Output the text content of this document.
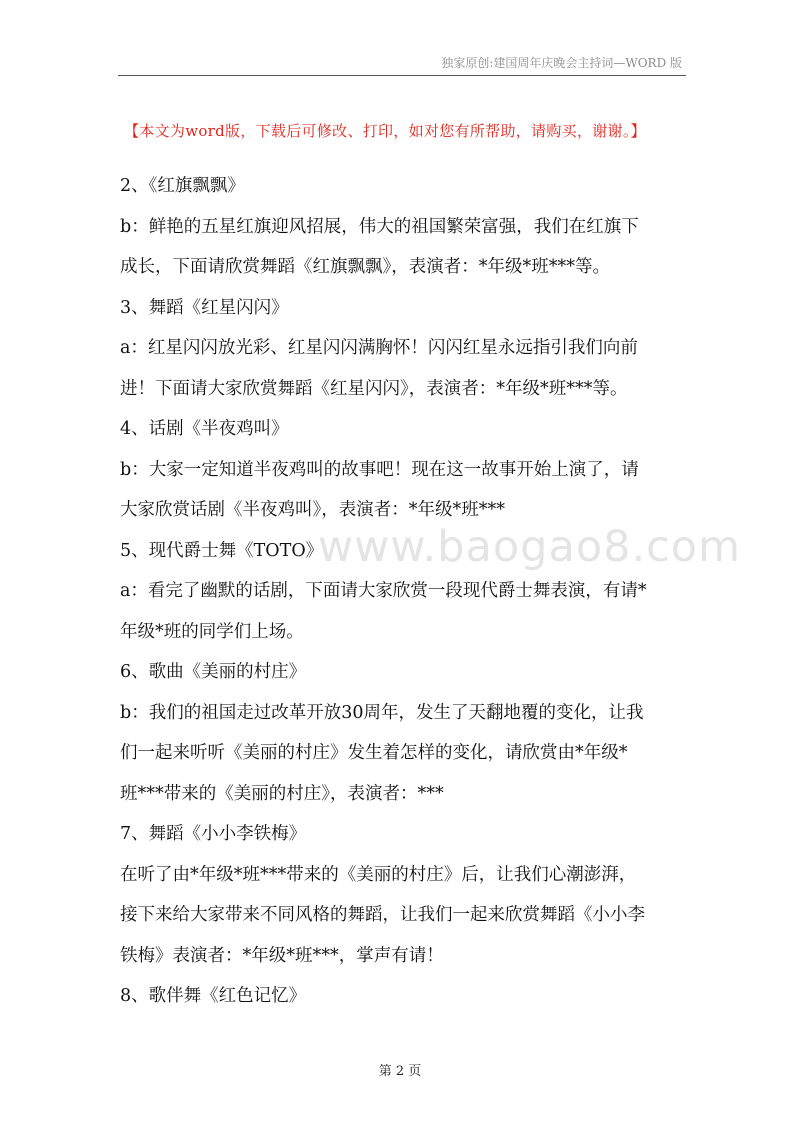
独家原创:建国周年庆晚会主持词—WORD 版
【本文为word版，下载后可修改、打印，如对您有所帮助，请购买，谢谢。】
2、《红旗飘飘》
b：鲜艳的五星红旗迎风招展，伟大的祖国繁荣富强，我们在红旗下
成长，下面请欣赏舞蹈《红旗飘飘》，表演者：*年级*班***等。
3、舞蹈《红星闪闪》
a：红星闪闪放光彩、红星闪闪满胸怀！闪闪红星永远指引我们向前
进！下面请大家欣赏舞蹈《红星闪闪》，表演者：*年级*班***等。
4、话剧《半夜鸡叫》
b：大家一定知道半夜鸡叫的故事吧！现在这一故事开始上演了，请
大家欣赏话剧《半夜鸡叫》，表演者：*年级*班***
5、现代爵士舞《TOTO》
a：看完了幽默的话剧，下面请大家欣赏一段现代爵士舞表演，有请*
年级*班的同学们上场。
6、歌曲《美丽的村庄》
b：我们的祖国走过改革开放30周年，发生了天翻地覆的变化，让我
们一起来听听《美丽的村庄》发生着怎样的变化，请欣赏由*年级*
班***带来的《美丽的村庄》，表演者：***
7、舞蹈《小小李铁梅》
在听了由*年级*班***带来的《美丽的村庄》后，让我们心潮澎湃，
接下来给大家带来不同风格的舞蹈，让我们一起来欣赏舞蹈《小小李
铁梅》表演者：*年级*班***，掌声有请！
8、歌伴舞《红色记忆》
www.baogao8.com
第 2 页
